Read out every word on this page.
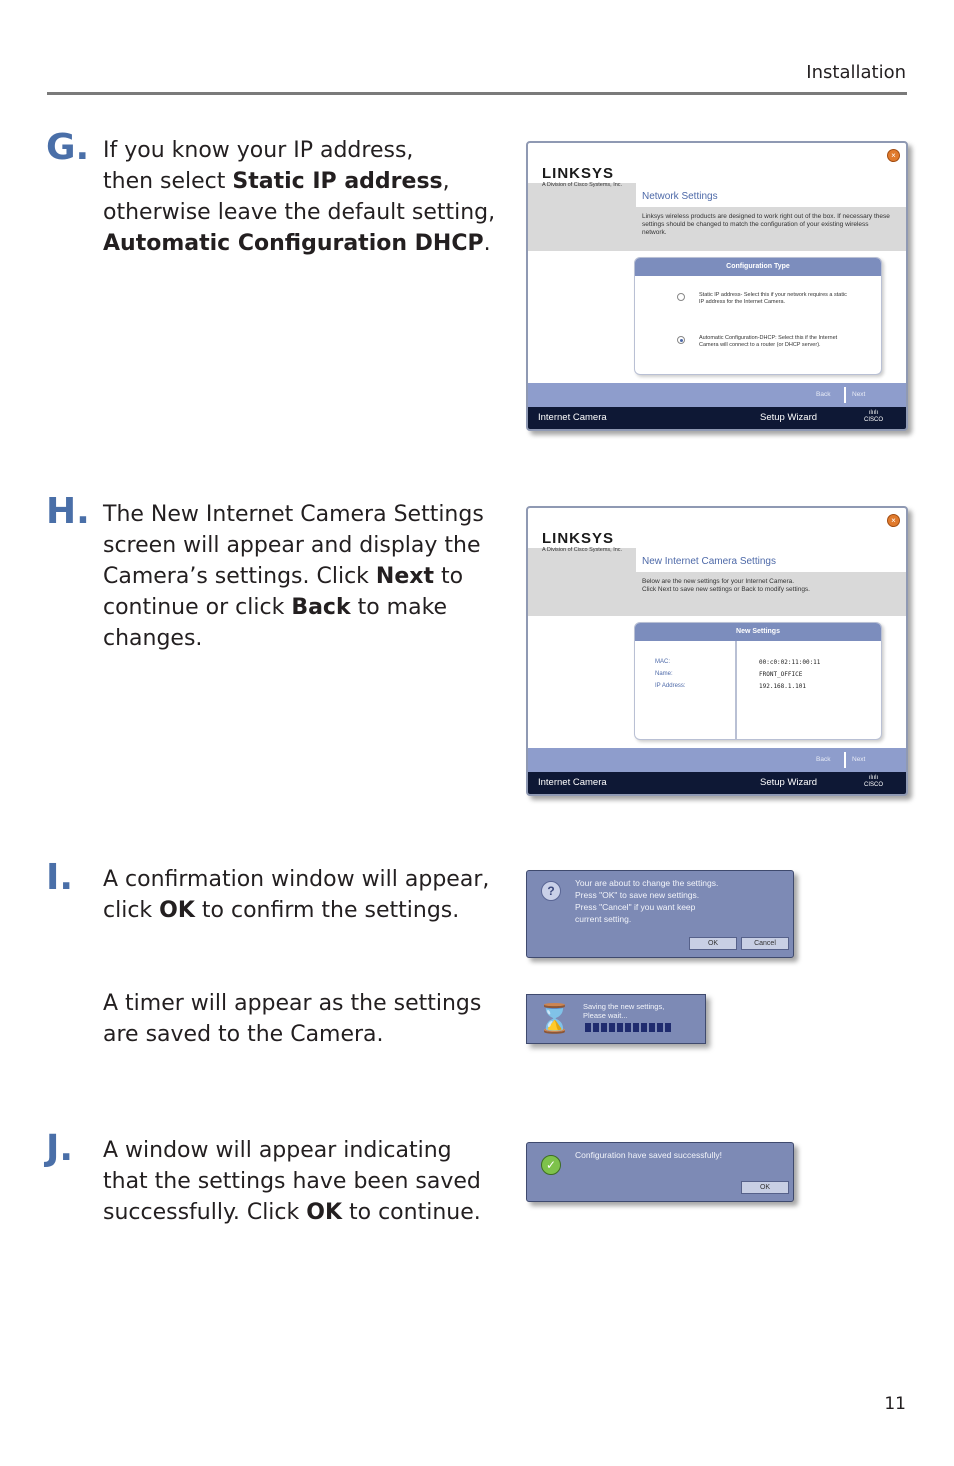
Installation
G. If you know your IP address,
then select Static IP address,
otherwise leave the default setting,
Automatic Configuration DHCP.
LINKSYS
A Division of Cisco Systems, Inc.
×
Network Settings
Linksys wireless products are designed to work right out of the box. If necessary these settings should be changed to match the configuration of your existing wireless network.
Configuration Type
Static IP address- Select this if your network requires a static IP address for the Internet Camera.
Automatic Configuration-DHCP: Select this if the Internet Camera will connect to a router (or DHCP server).
Back	Next
Internet Camera	Setup Wizard	ılıılı
CISCO
H. The New Internet Camera Settings
screen will appear and display the
Camera’s settings. Click Next to
continue or click Back to make
changes.
LINKSYS
A Division of Cisco Systems, Inc.
×
New Internet Camera Settings
Below are the new settings for your Internet Camera.
Click Next to save new settings or Back to modify settings.
New Settings
MAC:	00:c0:02:11:00:11
Name:	FRONT_OFFICE
IP Address:	192.168.1.101
Back	Next
Internet Camera	Setup Wizard	ılıılı
CISCO
I. A confirmation window will appear,
click OK to confirm the settings.
A timer will appear as the settings
are saved to the Camera.
?
Your are about to change the settings.
Press "OK" to save new settings.
Press "Cancel" if you want keep
current setting.
OK	Cancel
⌛ Saving the new settings,
Please wait...
J. A window will appear indicating
that the settings have been saved
successfully. Click OK to continue.
✓
Configuration have saved successfully!
OK
11
